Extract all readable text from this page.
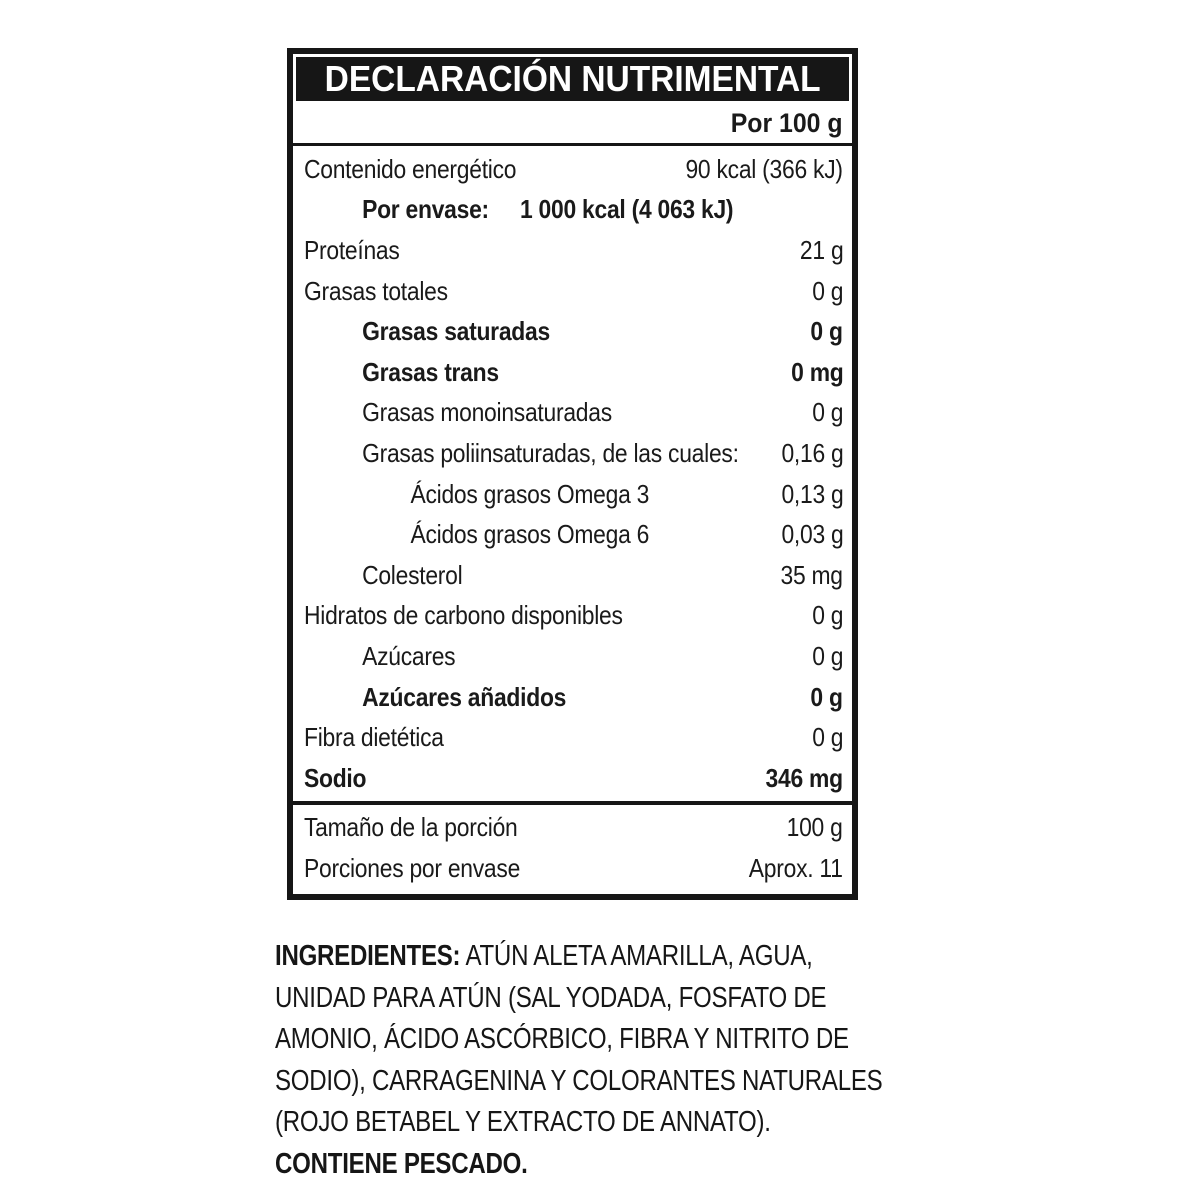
DECLARACIÓN NUTRIMENTAL
Por 100 g
Contenido energético	90 kcal (366 kJ)
Por envase: 1 000 kcal (4 063 kJ)
Proteínas	21 g
Grasas totales	0 g
Grasas saturadas	0 g
Grasas trans	0 mg
Grasas monoinsaturadas	0 g
Grasas poliinsaturadas, de las cuales: 0,16 g
Ácidos grasos Omega 3	0,13 g
Ácidos grasos Omega 6	0,03 g
Colesterol	35 mg
Hidratos de carbono disponibles	0 g
Azúcares	0 g
Azúcares añadidos	0 g
Fibra dietética	0 g
Sodio	346 mg
Tamaño de la porción	100 g
Porciones por envase	Aprox. 11

INGREDIENTES: ATÚN ALETA AMARILLA, AGUA, UNIDAD PARA ATÚN (SAL YODADA, FOSFATO DE AMONIO, ÁCIDO ASCÓRBICO, FIBRA Y NITRITO DE SODIO), CARRAGENINA Y COLORANTES NATURALES (ROJO BETABEL Y EXTRACTO DE ANNATO). CONTIENE PESCADO.
